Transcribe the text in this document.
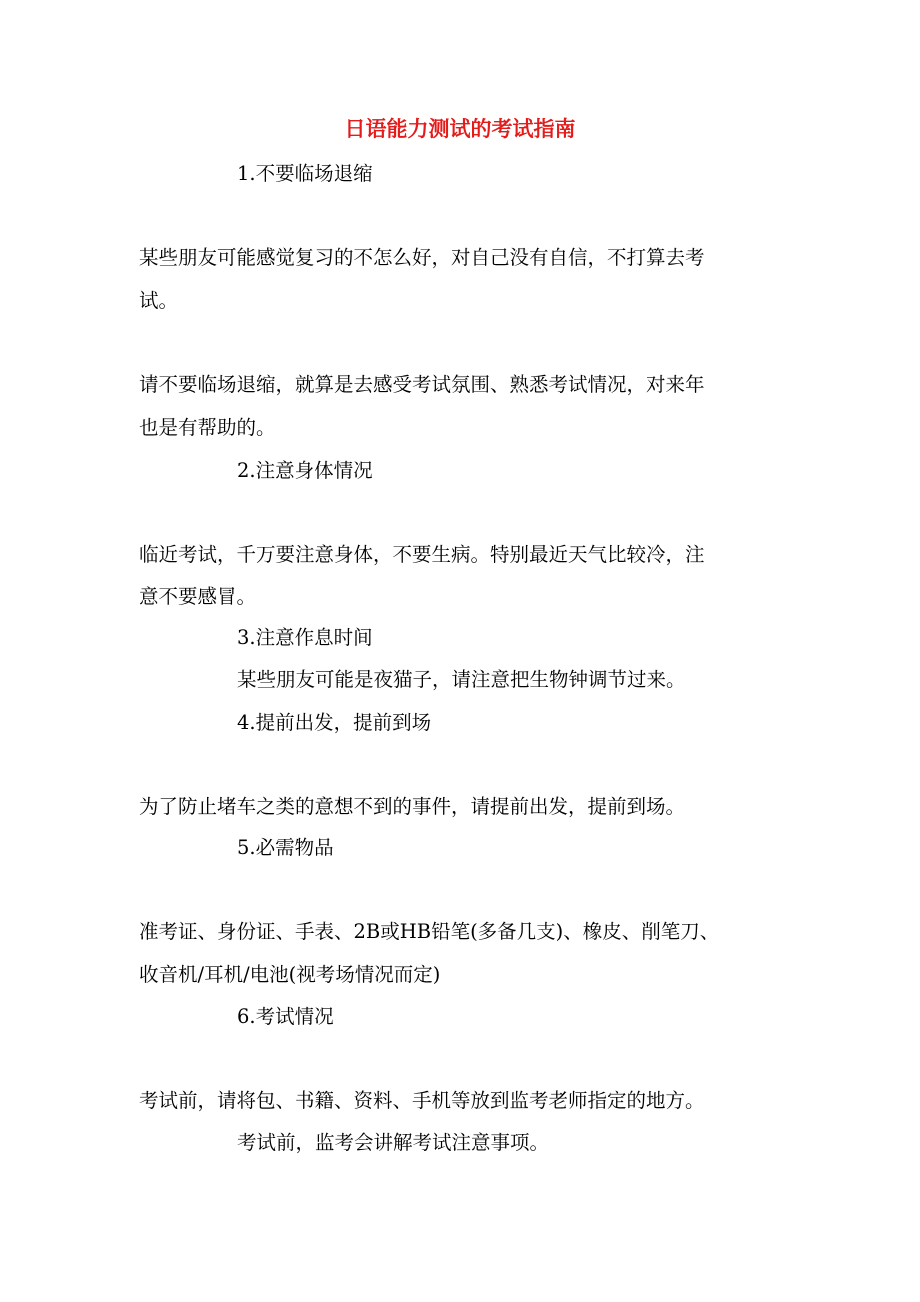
日语能力测试的考试指南
1.不要临场退缩
某些朋友可能感觉复习的不怎么好，对自己没有自信，不打算去考
试。
请不要临场退缩，就算是去感受考试氛围、熟悉考试情况，对来年
也是有帮助的。
2.注意身体情况
临近考试，千万要注意身体，不要生病。特别最近天气比较冷，注
意不要感冒。
3.注意作息时间
某些朋友可能是夜猫子，请注意把生物钟调节过来。
4.提前出发，提前到场
为了防止堵车之类的意想不到的事件，请提前出发，提前到场。
5.必需物品
准考证、身份证、手表、2B或HB铅笔(多备几支)、橡皮、削笔刀、
收音机/耳机/电池(视考场情况而定)
6.考试情况
考试前，请将包、书籍、资料、手机等放到监考老师指定的地方。
考试前，监考会讲解考试注意事项。
